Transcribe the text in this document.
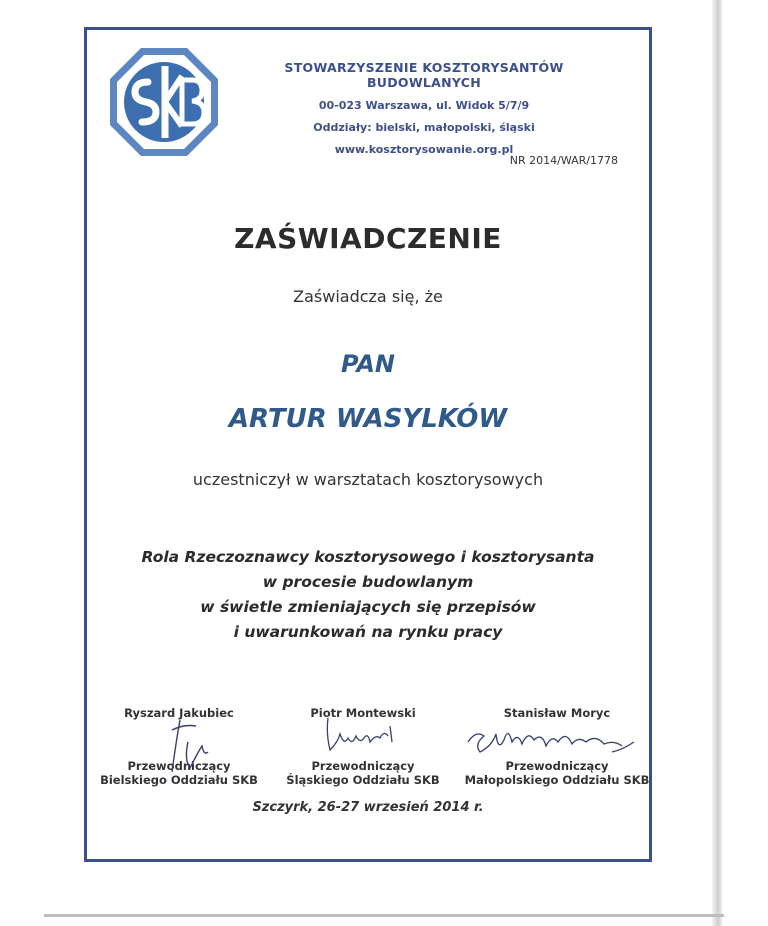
STOWARZYSZENIE KOSZTORYSANTÓW BUDOWLANYCH
00-023 Warszawa, ul. Widok 5/7/9
Oddziały: bielski, małopolski, śląski
www.kosztorysowanie.org.pl
NR 2014/WAR/1778
ZAŚWIADCZENIE
Zaświadcza się, że
PAN
ARTUR WASYLKÓW
uczestniczył w warsztatach kosztorysowych
Rola Rzeczoznawcy kosztorysowego i kosztorysanta
w procesie budowlanym
w świetle zmieniających się przepisów
i uwarunkowań na rynku pracy
Ryszard Jakubiec
Przewodniczący
Bielskiego Oddziału SKB
Piotr Montewski
Przewodniczący
Śląskiego Oddziału SKB
Stanisław Moryc
Przewodniczący
Małopolskiego Oddziału SKB
Szczyrk, 26-27 wrzesień 2014 r.
